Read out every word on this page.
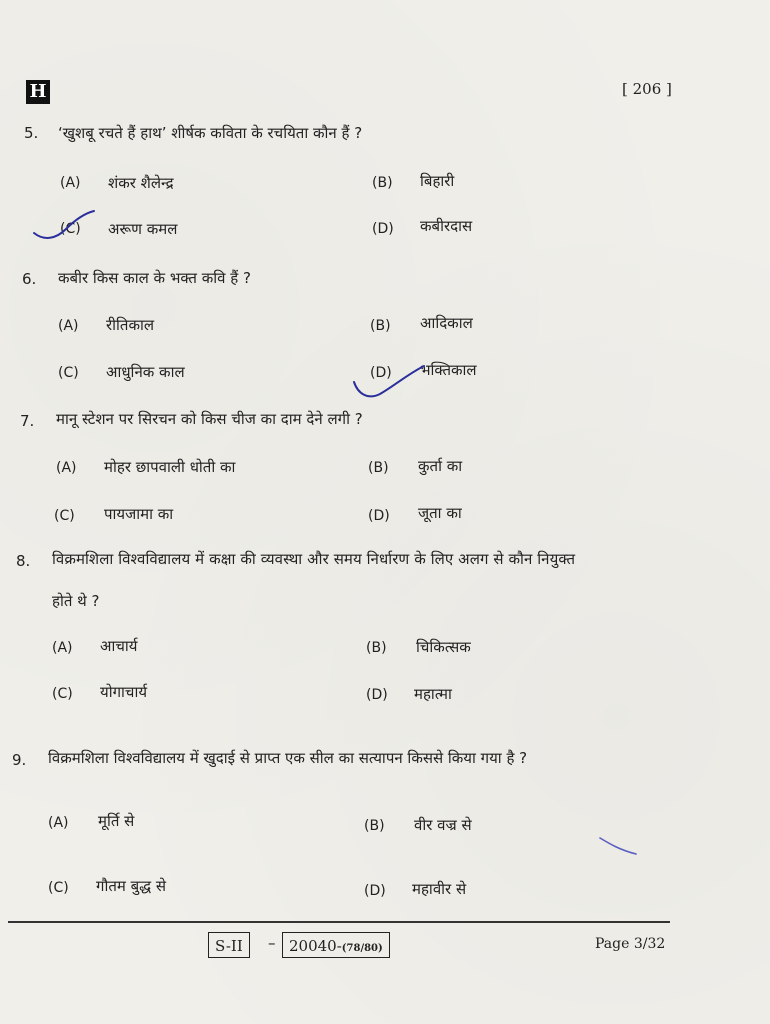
H	[ 206 ]
5. ‘खुशबू रचते हैं हाथ’ शीर्षक कविता के रचयिता कौन हैं ?
(A) शंकर शैलेन्द्र	(B) बिहारी
(C) अरूण कमल	(D) कबीरदास
6. कबीर किस काल के भक्त कवि हैं ?
(A) रीतिकाल	(B) आदिकाल
(C) आधुनिक काल	(D) भक्तिकाल
7. मानू स्टेशन पर सिरचन को किस चीज का दाम देने लगी ?
(A) मोहर छापवाली धोती का	(B) कुर्ता का
(C) पायजामा का	(D) जूता का
8. विक्रमशिला विश्वविद्यालय में कक्षा की व्यवस्था और समय निर्धारण के लिए अलग से कौन नियुक्त
होते थे ?
(A) आचार्य	(B) चिकित्सक
(C) योगाचार्य	(D) महात्मा
9. विक्रमशिला विश्वविद्यालय में खुदाई से प्राप्त एक सील का सत्यापन किससे किया गया है ?
(A) मूर्ति से	(B) वीर वज्र से
(C) गौतम बुद्ध से	(D) महावीर से
S-II	– 20040-(78/80)	Page 3/32
